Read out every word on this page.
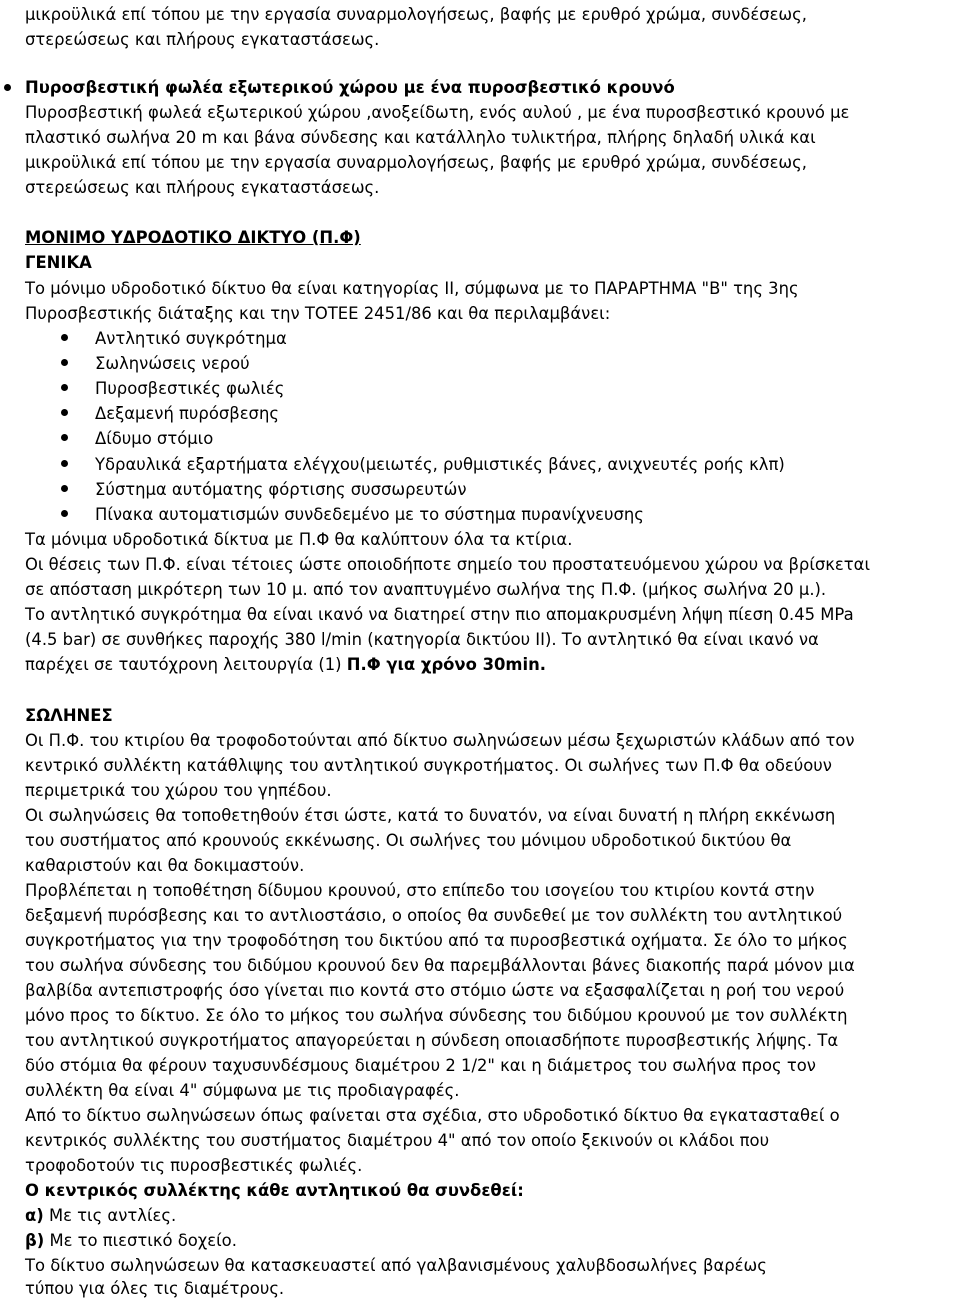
μικροϋλικά επί τόπου με την εργασία συναρμολογήσεως, βαφής με ερυθρό χρώμα, συνδέσεως,
στερεώσεως και πλήρους εγκαταστάσεως.
Πυροσβεστική φωλέα εξωτερικού χώρου με ένα πυροσβεστικό κρουνό
Πυροσβεστική φωλεά εξωτερικού χώρου ,ανοξείδωτη, ενός αυλού , με ένα πυροσβεστικό κρουνό με
πλαστικό σωλήνα 20 m και βάνα σύνδεσης και κατάλληλο τυλικτήρα, πλήρης δηλαδή υλικά και
μικροϋλικά επί τόπου με την εργασία συναρμολογήσεως, βαφής με ερυθρό χρώμα, συνδέσεως,
στερεώσεως και πλήρους εγκαταστάσεως.
ΜΟΝΙΜΟ ΥΔΡΟΔΟΤΙΚΟ ΔΙΚΤΥΟ (Π.Φ)
ΓΕΝΙΚΑ
Το μόνιμο υδροδοτικό δίκτυο θα είναι κατηγορίας ΙΙ, σύμφωνα με το ΠΑΡΑΡΤΗΜΑ "Β" της 3ης
Πυροσβεστικής διάταξης και την ΤΟΤΕΕ 2451/86 και θα περιλαμβάνει:
Αντλητικό συγκρότημα
Σωληνώσεις νερού
Πυροσβεστικές φωλιές
Δεξαμενή πυρόσβεσης
Δίδυμο στόμιο
Υδραυλικά εξαρτήματα ελέγχου(μειωτές, ρυθμιστικές βάνες, ανιχνευτές ροής κλπ)
Σύστημα αυτόματης φόρτισης συσσωρευτών
Πίνακα αυτοματισμών συνδεδεμένο με το σύστημα πυρανίχνευσης
Τα μόνιμα υδροδοτικά δίκτυα με Π.Φ θα καλύπτουν όλα τα κτίρια.
Οι θέσεις των Π.Φ. είναι τέτοιες ώστε οποιοδήποτε σημείο του προστατευόμενου χώρου να βρίσκεται
σε απόσταση μικρότερη των 10 μ. από τον αναπτυγμένο σωλήνα της Π.Φ. (μήκος σωλήνα 20 μ.).
Το αντλητικό συγκρότημα θα είναι ικανό να διατηρεί στην πιο απομακρυσμένη λήψη πίεση 0.45 MPa
(4.5 bar) σε συνθήκες παροχής 380 l/min (κατηγορία δικτύου ΙΙ). Το αντλητικό θα είναι ικανό να
παρέχει σε ταυτόχρονη λειτουργία (1) Π.Φ για χρόνο 30min.
ΣΩΛΗΝΕΣ
Οι Π.Φ. του κτιρίου θα τροφοδοτούνται από δίκτυο σωληνώσεων μέσω ξεχωριστών κλάδων από τον
κεντρικό συλλέκτη κατάθλιψης του αντλητικού συγκροτήματος. Οι σωλήνες των Π.Φ θα οδεύουν
περιμετρικά του χώρου του γηπέδου.
Οι σωληνώσεις θα τοποθετηθούν έτσι ώστε, κατά το δυνατόν, να είναι δυνατή η πλήρη εκκένωση
του συστήματος από κρουνούς εκκένωσης. Οι σωλήνες του μόνιμου υδροδοτικού δικτύου θα
καθαριστούν και θα δοκιμαστούν.
Προβλέπεται η τοποθέτηση δίδυμου κρουνού, στο επίπεδο του ισογείου του κτιρίου κοντά στην
δεξαμενή πυρόσβεσης και το αντλιοστάσιο, ο οποίος θα συνδεθεί με τον συλλέκτη του αντλητικού
συγκροτήματος για την τροφοδότηση του δικτύου από τα πυροσβεστικά οχήματα. Σε όλο το μήκος
του σωλήνα σύνδεσης του διδύμου κρουνού δεν θα παρεμβάλλονται βάνες διακοπής παρά μόνον μια
βαλβίδα αντεπιστροφής όσο γίνεται πιο κοντά στο στόμιο ώστε να εξασφαλίζεται η ροή του νερού
μόνο προς το δίκτυο. Σε όλο το μήκος του σωλήνα σύνδεσης του διδύμου κρουνού με τον συλλέκτη
του αντλητικού συγκροτήματος απαγορεύεται η σύνδεση οποιασδήποτε πυροσβεστικής λήψης. Τα
δύο στόμια θα φέρουν ταχυσυνδέσμους διαμέτρου 2 1/2" και η διάμετρος του σωλήνα προς τον
συλλέκτη θα είναι 4" σύμφωνα με τις προδιαγραφές.
Από το δίκτυο σωληνώσεων όπως φαίνεται στα σχέδια, στο υδροδοτικό δίκτυο θα εγκατασταθεί ο
κεντρικός συλλέκτης του συστήματος διαμέτρου 4" από τον οποίο ξεκινούν οι κλάδοι που
τροφοδοτούν τις πυροσβεστικές φωλιές.
Ο κεντρικός συλλέκτης κάθε αντλητικού θα συνδεθεί:
α) Με τις αντλίες.
β) Με το πιεστικό δοχείο.
Το δίκτυο σωληνώσεων θα κατασκευαστεί από γαλβανισμένους χαλυβδοσωλήνες βαρέως
τύπου για όλες τις διαμέτρους.
